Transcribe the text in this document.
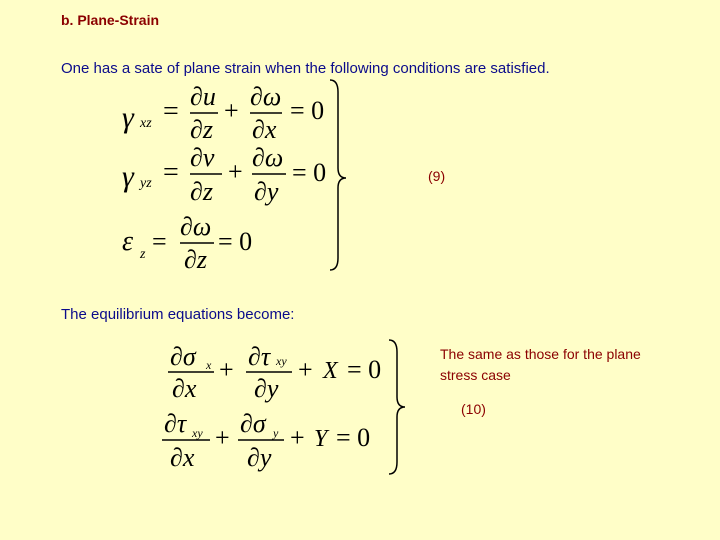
b. Plane-Strain
One has a sate of plane strain when the following conditions are satisfied.
(9)
The equilibrium equations become:
The same as those for the plane stress case
(10)
γ xz = ∂u
∂z
+ ∂ω
∂x
= 0
γ yz = ∂ν
∂z
+ ∂ω
∂y
= 0
ε z =
∂ω
∂z
= 0
∂σ x
∂x
+ ∂τ xy
∂y
+ X = 0
∂τ xy
∂x
+ ∂σ y
∂y
+ Y = 0
